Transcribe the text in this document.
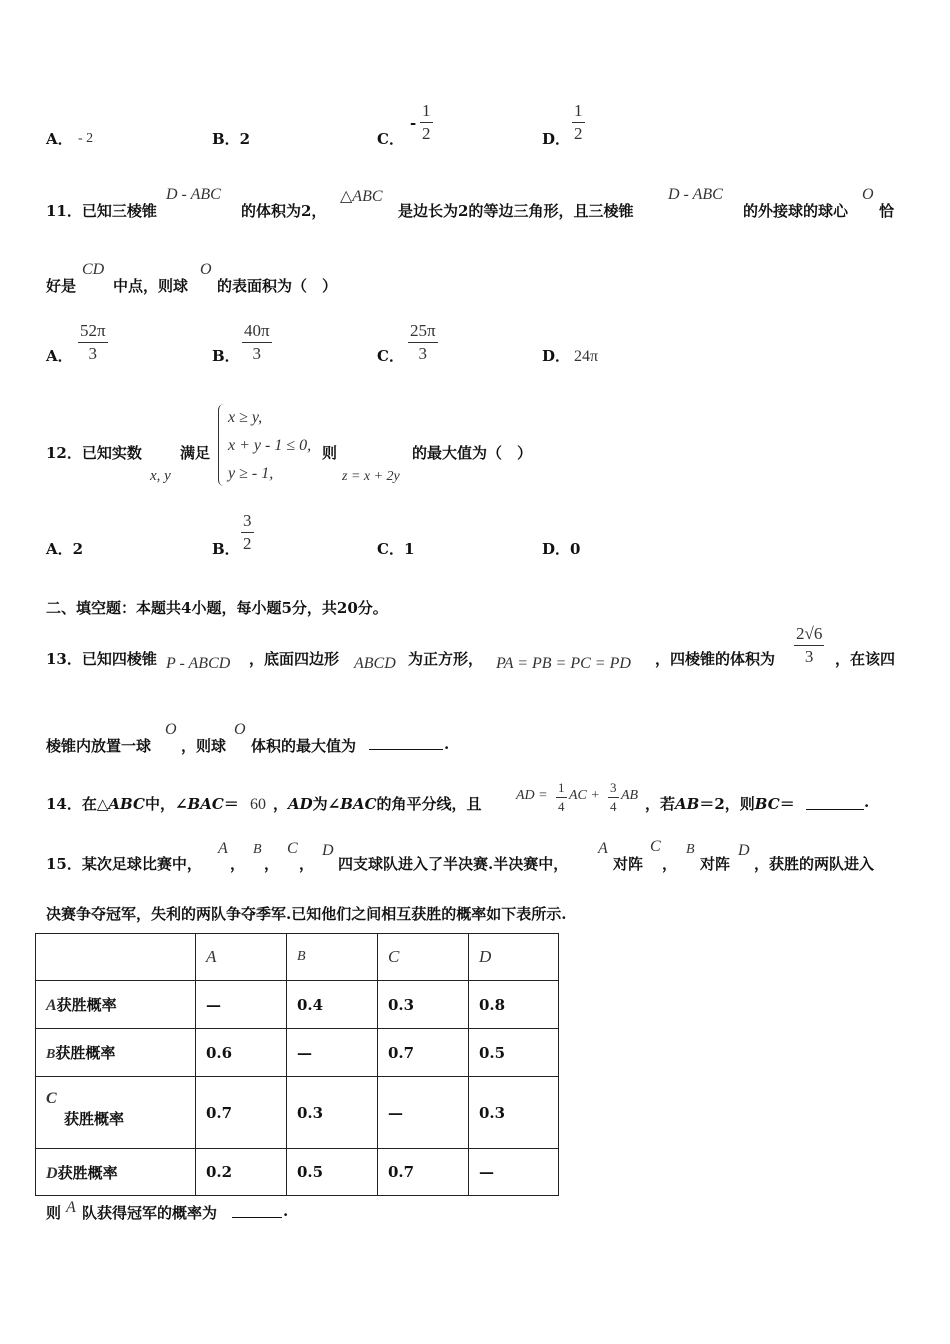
A． - 2	B．2	C．
- $\frac{1}{2}$	D． $\frac{1}{2}$
11．已知三棱锥
D - ABC
的体积为2，
△ABC
是边长为2的等边三角形，且三棱锥
D - ABC
的外接球的球心
O
恰
好是
CD
中点，则球
O
的表面积为（　）
A． $\frac{52\pi}{3}$	B． $\frac{40\pi}{3}$	C． $\frac{25\pi}{3}$	D． 24π
12．已知实数
x, y
满足
x ≥ y,
x + y - 1 ≤ 0,
y ≥ - 1,
则
z = x + 2y
的最大值为（　）
A．2	B． $\frac{3}{2}$	C．1	D．0
二、填空题：本题共4小题，每小题5分，共20分。
13．已知四棱锥 P - ABCD ，底面四边形 ABCD 为正方形， PA = PB = PC = PD ，四棱锥的体积为 $\frac{2√6}{3}$ ，在该四
棱锥内放置一球
O
，则球
O
体积的最大值为	.
14．在△ABC中，∠BAC＝ 60 ，AD为∠BAC的角平分线，且 AD = $\frac{1}{4}$ AC + $\frac{3}{4}$ AB ，若AB＝2，则BC＝	.
15．某次足球比赛中，
A
，
B
，
C
，
D
四支球队进入了半决赛.半决赛中，
A
对阵
C
，
B
对阵
D
，获胜的两队进入
决赛争夺冠军，失利的两队争夺季军.已知他们之间相互获胜的概率如下表所示.
	A	B	C	D
A获胜概率	—	0.4	0.3	0.8
B获胜概率	0.6	—	0.7	0.5

C
获胜概率	0.7	0.3	—	0.3
D获胜概率	0.2	0.5	0.7	—
则 A 队获得冠军的概率为	.
